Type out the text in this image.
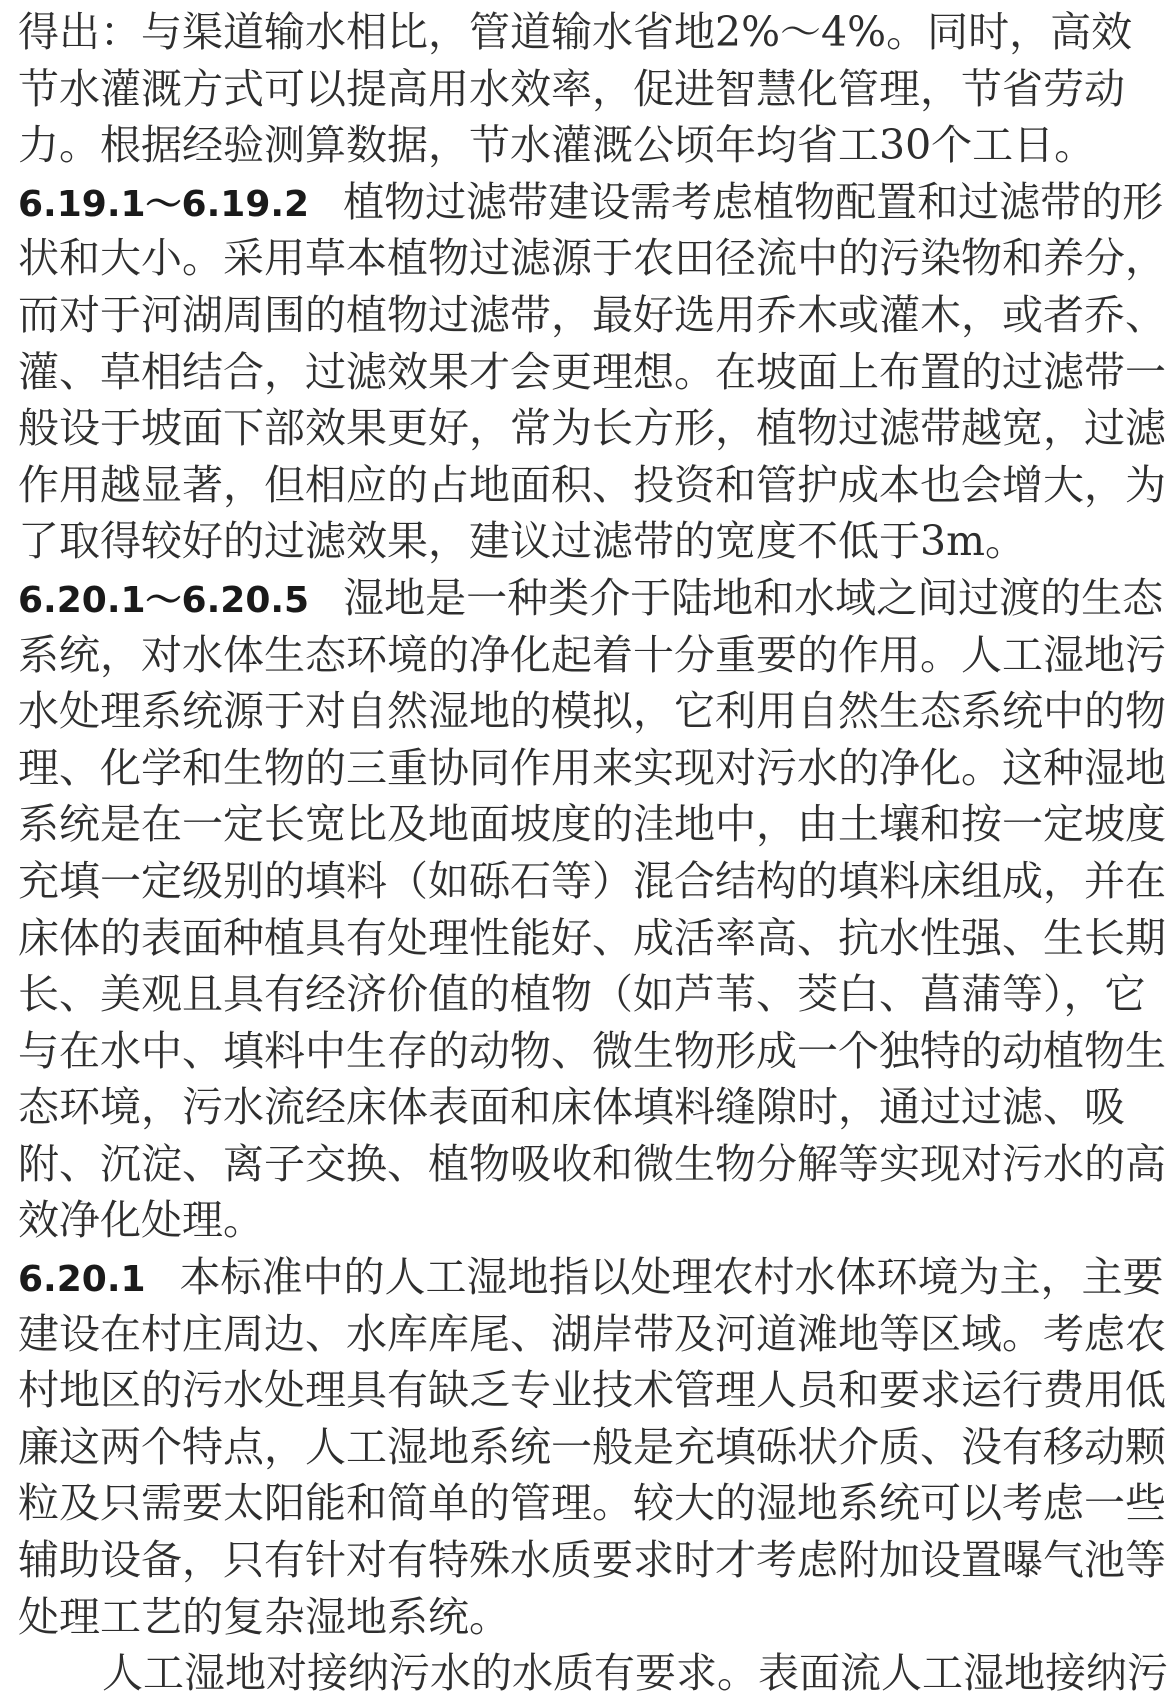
得出：与渠道输水相比，管道输水省地2%～4%。同时，高效
节水灌溉方式可以提高用水效率，促进智慧化管理，节省劳动
力。根据经验测算数据，节水灌溉公顷年均省工30个工日。
6.19.1～6.19.2 植物过滤带建设需考虑植物配置和过滤带的形
状和大小。采用草本植物过滤源于农田径流中的污染物和养分，
而对于河湖周围的植物过滤带，最好选用乔木或灌木，或者乔、
灌、草相结合，过滤效果才会更理想。在坡面上布置的过滤带一
般设于坡面下部效果更好，常为长方形，植物过滤带越宽，过滤
作用越显著，但相应的占地面积、投资和管护成本也会增大，为
了取得较好的过滤效果，建议过滤带的宽度不低于3m。
6.20.1～6.20.5 湿地是一种类介于陆地和水域之间过渡的生态
系统，对水体生态环境的净化起着十分重要的作用。人工湿地污
水处理系统源于对自然湿地的模拟，它利用自然生态系统中的物
理、化学和生物的三重协同作用来实现对污水的净化。这种湿地
系统是在一定长宽比及地面坡度的洼地中，由土壤和按一定坡度
充填一定级别的填料（如砾石等）混合结构的填料床组成，并在
床体的表面种植具有处理性能好、成活率高、抗水性强、生长期
长、美观且具有经济价值的植物（如芦苇、茭白、菖蒲等），它
与在水中、填料中生存的动物、微生物形成一个独特的动植物生
态环境，污水流经床体表面和床体填料缝隙时，通过过滤、吸
附、沉淀、离子交换、植物吸收和微生物分解等实现对污水的高
效净化处理。
6.20.1 本标准中的人工湿地指以处理农村水体环境为主，主要
建设在村庄周边、水库库尾、湖岸带及河道滩地等区域。考虑农
村地区的污水处理具有缺乏专业技术管理人员和要求运行费用低
廉这两个特点，人工湿地系统一般是充填砾状介质、没有移动颗
粒及只需要太阳能和简单的管理。较大的湿地系统可以考虑一些
辅助设备，只有针对有特殊水质要求时才考虑附加设置曝气池等
处理工艺的复杂湿地系统。
人工湿地对接纳污水的水质有要求。表面流人工湿地接纳污
